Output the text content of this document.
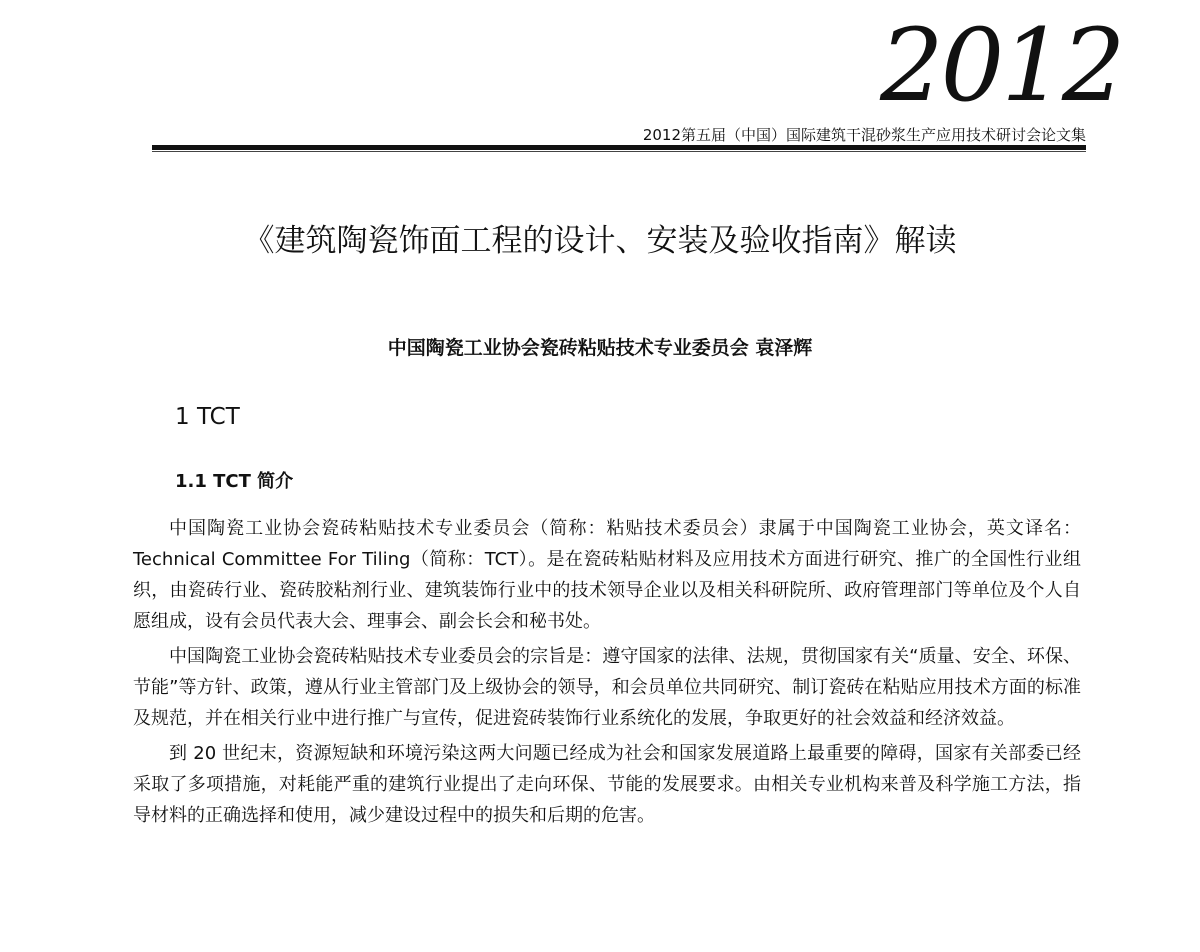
2012
2012第五届（中国）国际建筑干混砂浆生产应用技术研讨会论文集
《建筑陶瓷饰面工程的设计、安装及验收指南》解读
中国陶瓷工业协会瓷砖粘贴技术专业委员会 袁泽辉
1 TCT
1.1 TCT 简介

中国陶瓷工业协会瓷砖粘贴技术专业委员会（简称：粘贴技术委员会）隶属于中国陶瓷工业协会，英文译名：Technical Committee For Tiling（简称：TCT）。是在瓷砖粘贴材料及应用技术方面进行研究、推广的全国性行业组织，由瓷砖行业、瓷砖胶粘剂行业、建筑装饰行业中的技术领导企业以及相关科研院所、政府管理部门等单位及个人自愿组成，设有会员代表大会、理事会、副会长会和秘书处。

中国陶瓷工业协会瓷砖粘贴技术专业委员会的宗旨是：遵守国家的法律、法规，贯彻国家有关“质量、安全、环保、节能”等方针、政策，遵从行业主管部门及上级协会的领导，和会员单位共同研究、制订瓷砖在粘贴应用技术方面的标准及规范，并在相关行业中进行推广与宣传，促进瓷砖装饰行业系统化的发展，争取更好的社会效益和经济效益。

到 20 世纪末，资源短缺和环境污染这两大问题已经成为社会和国家发展道路上最重要的障碍，国家有关部委已经采取了多项措施，对耗能严重的建筑行业提出了走向环保、节能的发展要求。由相关专业机构来普及科学施工方法，指导材料的正确选择和使用，减少建设过程中的损失和后期的危害。
